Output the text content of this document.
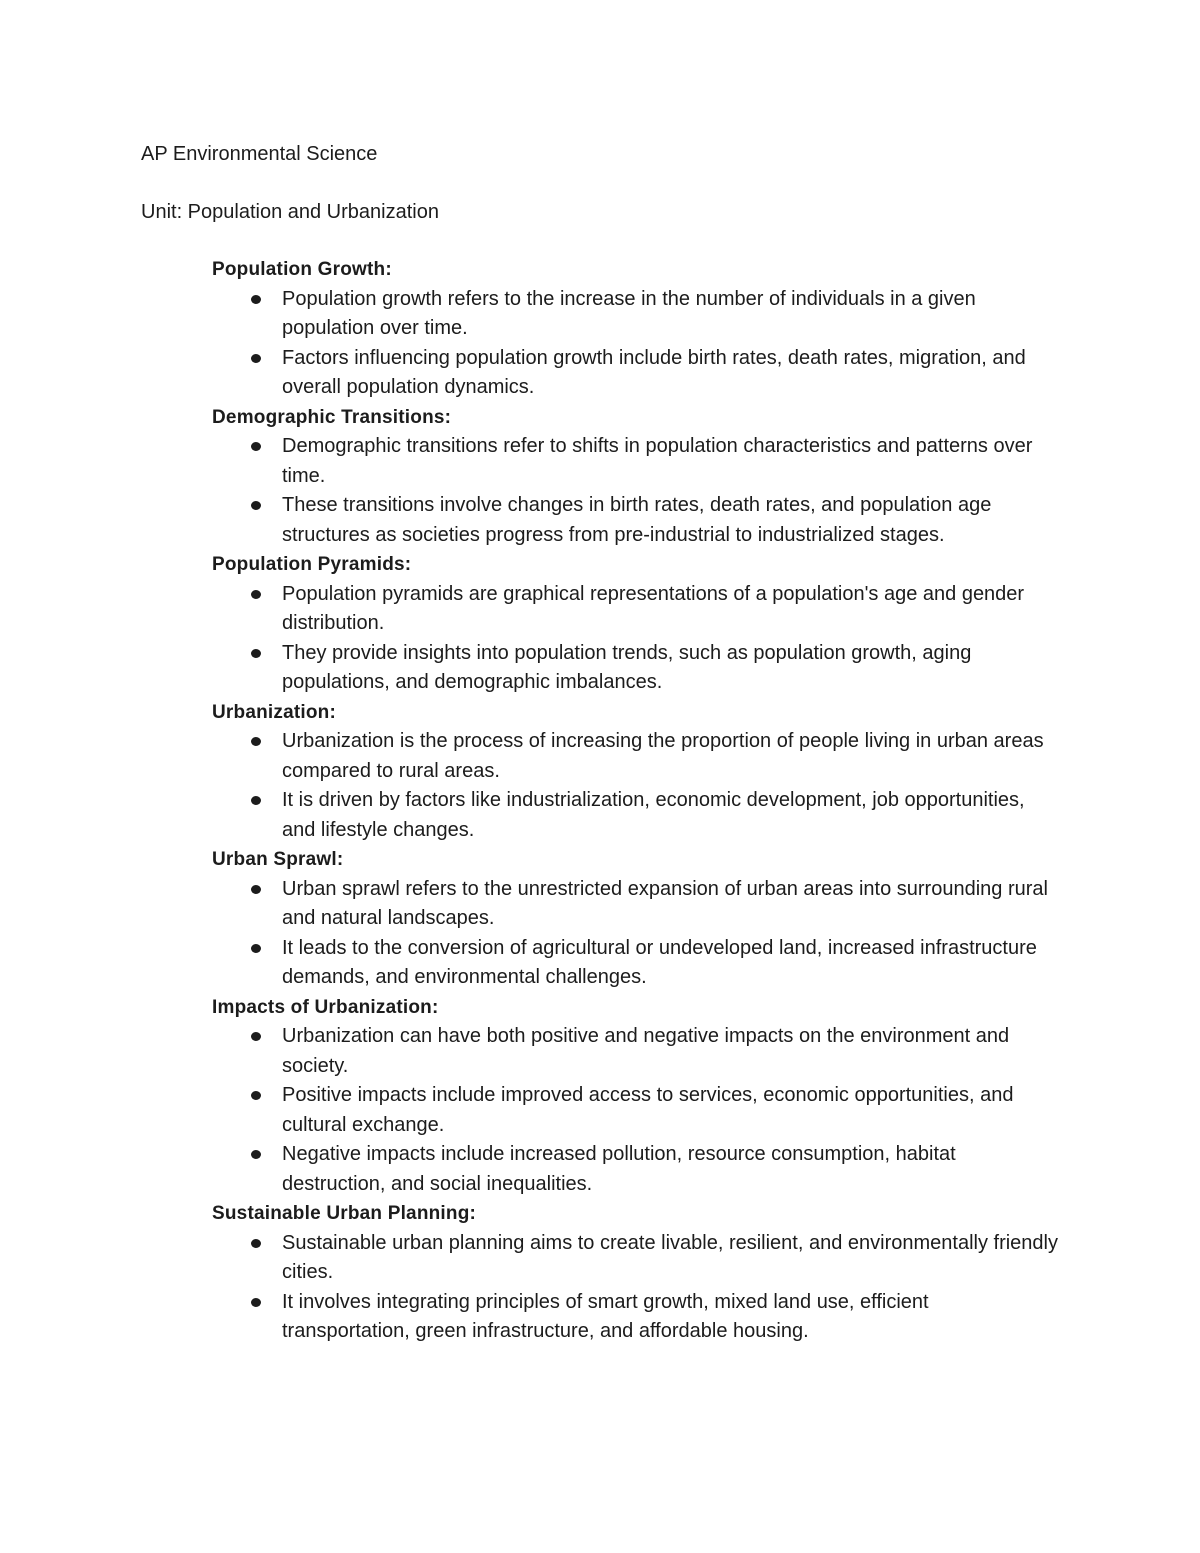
AP Environmental Science

Unit: Population and Urbanization

Population Growth:

Population growth refers to the increase in the number of individuals in a given population over time.
Factors influencing population growth include birth rates, death rates, migration, and overall population dynamics.

Demographic Transitions:

Demographic transitions refer to shifts in population characteristics and patterns over time.
These transitions involve changes in birth rates, death rates, and population age structures as societies progress from pre-industrial to industrialized stages.

Population Pyramids:

Population pyramids are graphical representations of a population's age and gender distribution.
They provide insights into population trends, such as population growth, aging populations, and demographic imbalances.

Urbanization:

Urbanization is the process of increasing the proportion of people living in urban areas compared to rural areas.
It is driven by factors like industrialization, economic development, job opportunities, and lifestyle changes.

Urban Sprawl:

Urban sprawl refers to the unrestricted expansion of urban areas into surrounding rural and natural landscapes.
It leads to the conversion of agricultural or undeveloped land, increased infrastructure demands, and environmental challenges.

Impacts of Urbanization:

Urbanization can have both positive and negative impacts on the environment and society.
Positive impacts include improved access to services, economic opportunities, and cultural exchange.
Negative impacts include increased pollution, resource consumption, habitat destruction, and social inequalities.

Sustainable Urban Planning:

Sustainable urban planning aims to create livable, resilient, and environmentally friendly cities.
It involves integrating principles of smart growth, mixed land use, efficient transportation, green infrastructure, and affordable housing.
